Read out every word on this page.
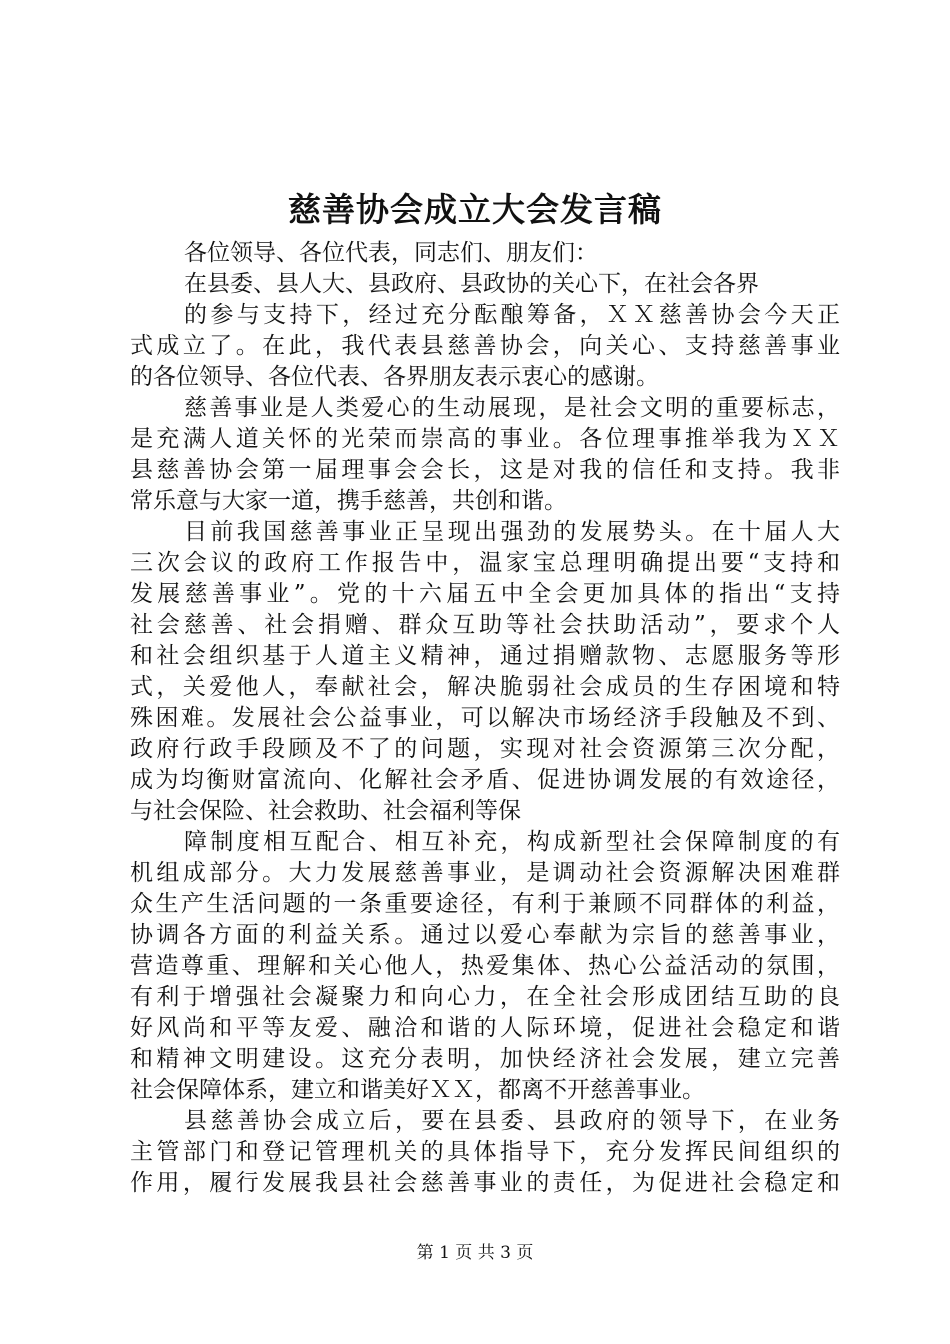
慈善协会成立大会发言稿
各位领导、各位代表，同志们、朋友们：
在县委、县人大、县政府、县政协的关心下，在社会各界
的参与支持下，经过充分酝酿筹备，ＸＸ慈善协会今天正
式成立了。在此，我代表县慈善协会，向关心、支持慈善事业
的各位领导、各位代表、各界朋友表示衷心的感谢。
慈善事业是人类爱心的生动展现，是社会文明的重要标志，
是充满人道关怀的光荣而崇高的事业。各位理事推举我为ＸＸ
县慈善协会第一届理事会会长，这是对我的信任和支持。我非
常乐意与大家一道，携手慈善，共创和谐。
目前我国慈善事业正呈现出强劲的发展势头。在十届人大
三次会议的政府工作报告中，温家宝总理明确提出要“支持和
发展慈善事业”。党的十六届五中全会更加具体的指出“支持
社会慈善、社会捐赠、群众互助等社会扶助活动”，要求个人
和社会组织基于人道主义精神，通过捐赠款物、志愿服务等形
式，关爱他人，奉献社会，解决脆弱社会成员的生存困境和特
殊困难。发展社会公益事业，可以解决市场经济手段触及不到、
政府行政手段顾及不了的问题，实现对社会资源第三次分配，
成为均衡财富流向、化解社会矛盾、促进协调发展的有效途径，
与社会保险、社会救助、社会福利等保
障制度相互配合、相互补充，构成新型社会保障制度的有
机组成部分。大力发展慈善事业，是调动社会资源解决困难群
众生产生活问题的一条重要途径，有利于兼顾不同群体的利益，
协调各方面的利益关系。通过以爱心奉献为宗旨的慈善事业，
营造尊重、理解和关心他人，热爱集体、热心公益活动的氛围，
有利于增强社会凝聚力和向心力，在全社会形成团结互助的良
好风尚和平等友爱、融洽和谐的人际环境，促进社会稳定和谐
和精神文明建设。这充分表明，加快经济社会发展，建立完善
社会保障体系，建立和谐美好ＸＸ，都离不开慈善事业。
县慈善协会成立后，要在县委、县政府的领导下，在业务
主管部门和登记管理机关的具体指导下，充分发挥民间组织的
作用，履行发展我县社会慈善事业的责任，为促进社会稳定和
第 1 页 共 3 页
